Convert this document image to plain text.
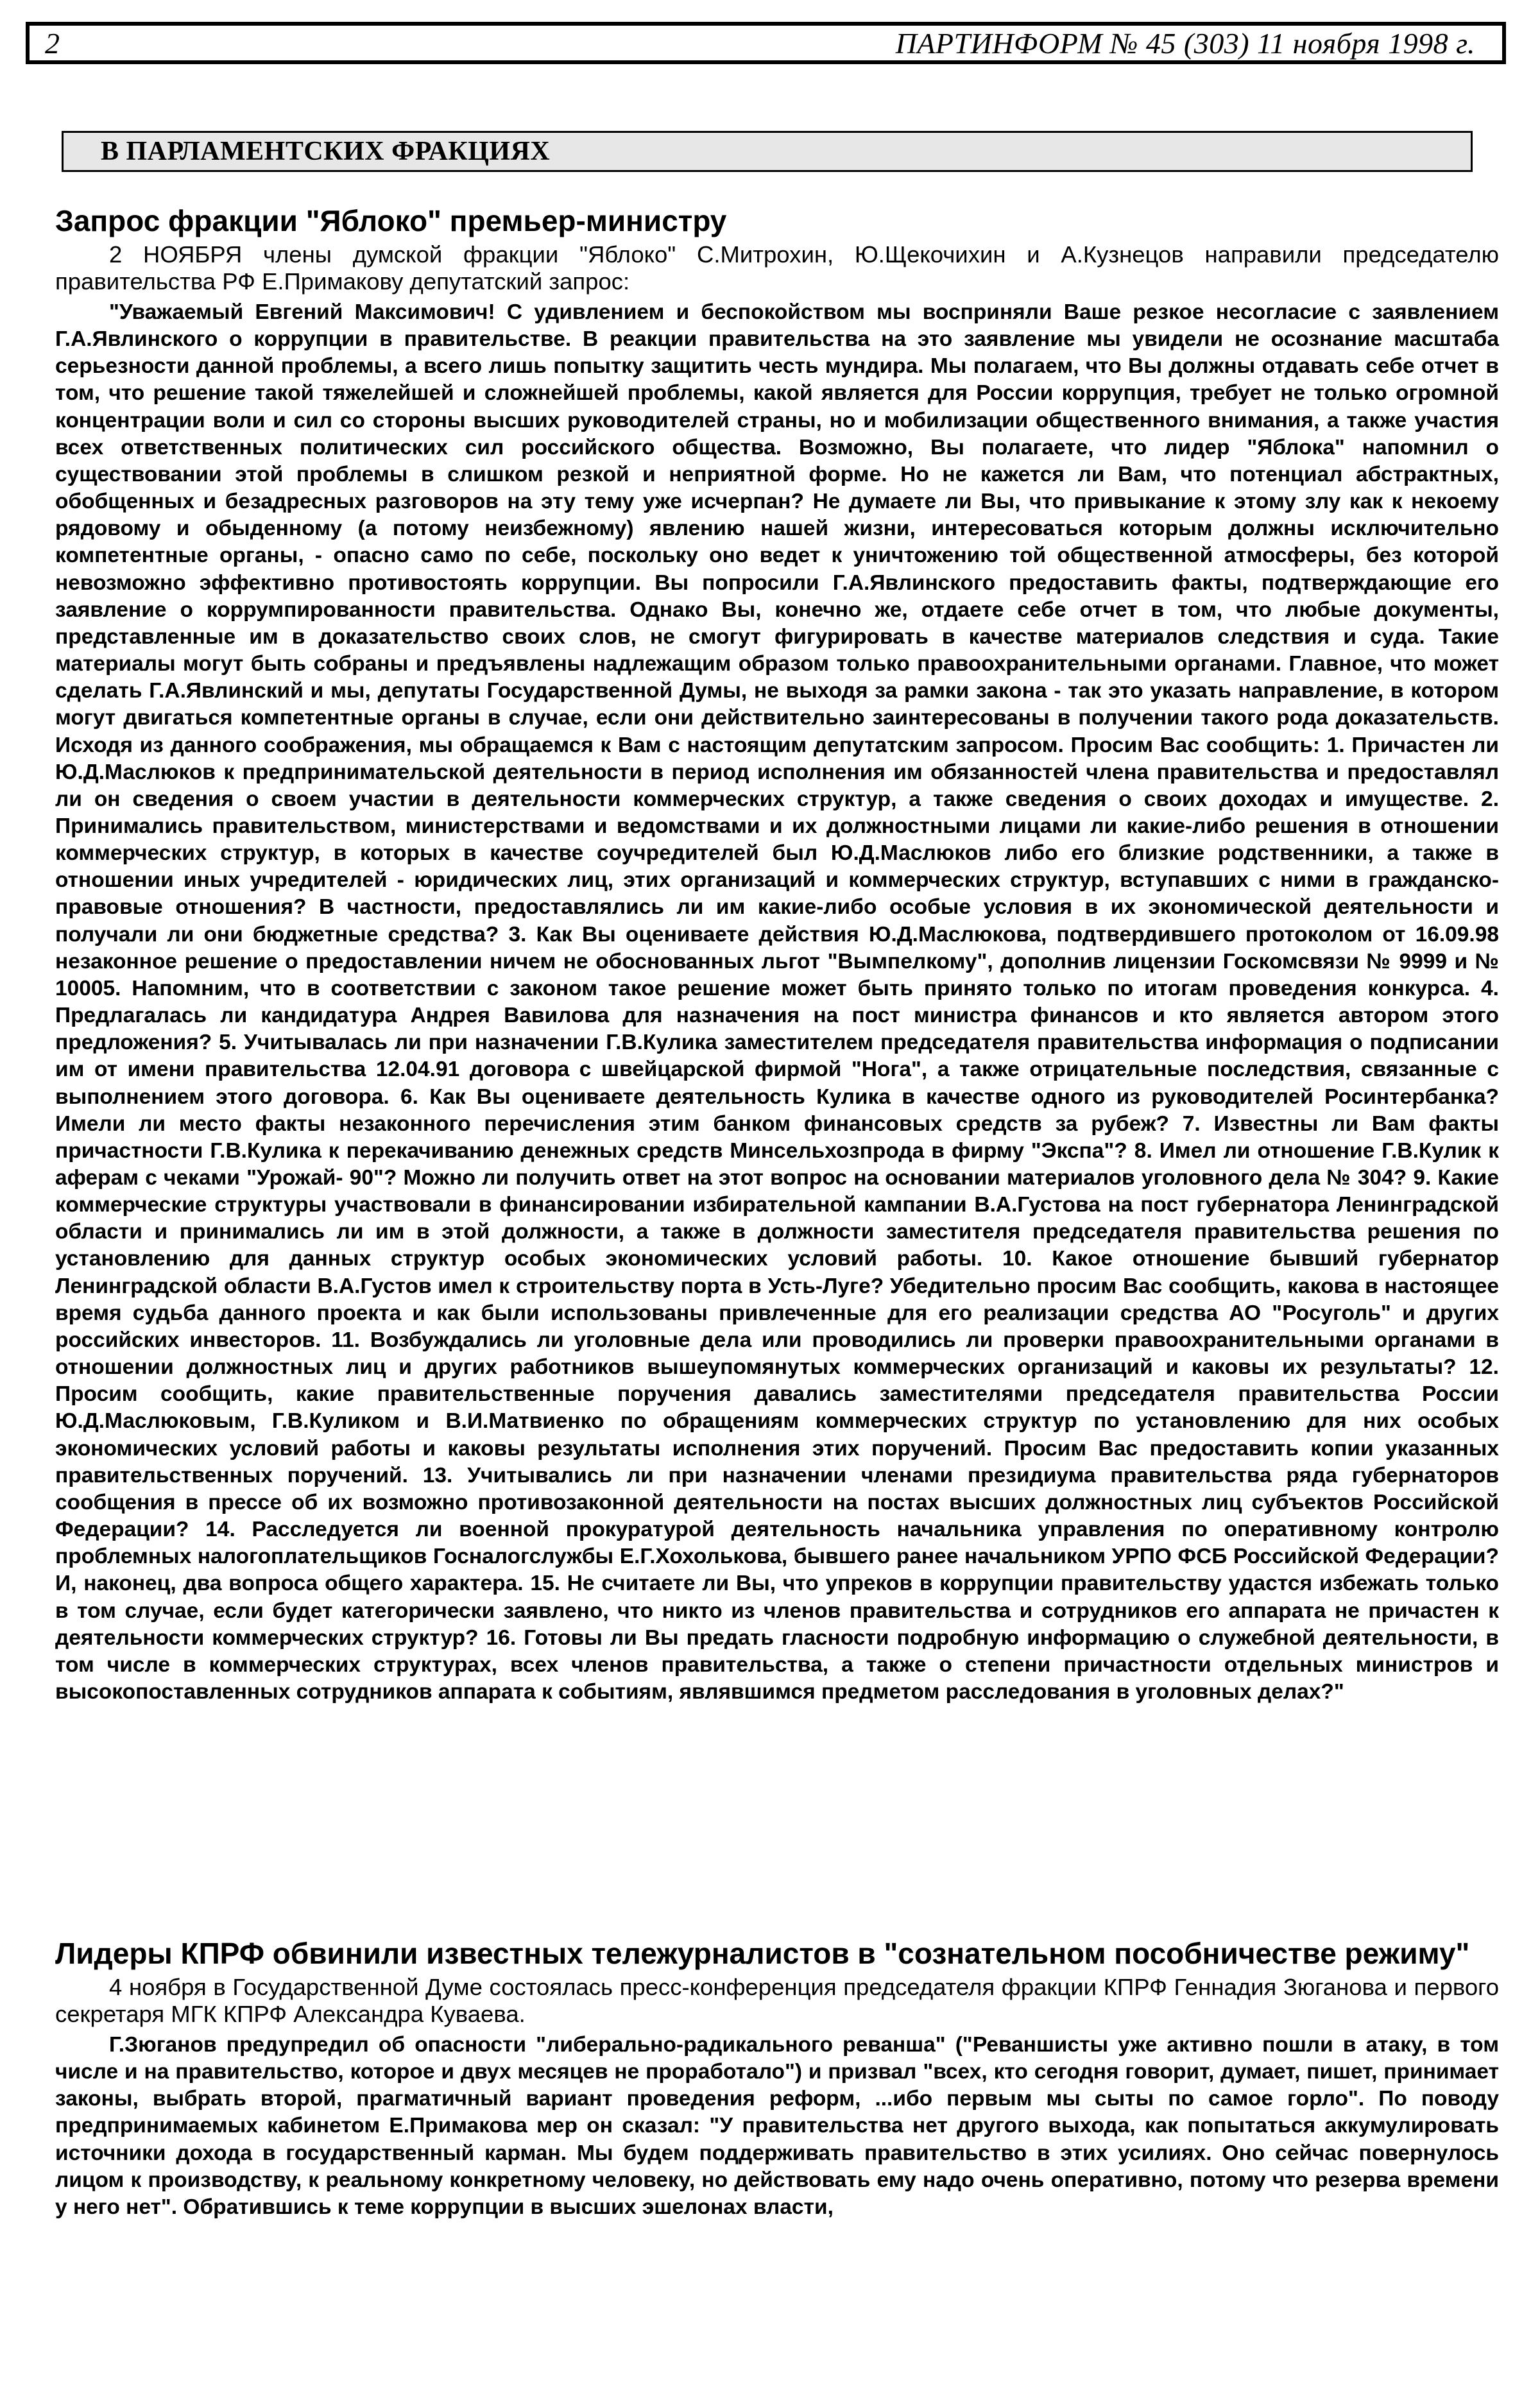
2	ПАРТИНФОРМ № 45 (303) 11 ноября 1998 г.
В ПАРЛАМЕНТСКИХ ФРАКЦИЯХ
Запрос фракции "Яблоко" премьер-министру

2 НОЯБРЯ члены думской фракции "Яблоко" С.Митрохин, Ю.Щекочихин и А.Кузнецов направили председателю правительства РФ Е.Примакову депутатский запрос:

"Уважаемый Евгений Максимович! С удивлением и беспокойством мы восприняли Ваше резкое несогласие с заявлением Г.А.Явлинского о коррупции в правительстве. В реакции правительства на это заявление мы увидели не осознание масштаба серьезности данной проблемы, а всего лишь попытку защитить честь мундира. Мы полагаем, что Вы должны отдавать себе отчет в том, что решение такой тяжелейшей и сложнейшей проблемы, какой является для России коррупция, требует не только огромной концентрации воли и сил со стороны высших руководителей страны, но и мобилизации общественного внимания, а также участия всех ответственных политических сил российского общества. Возможно, Вы полагаете, что лидер "Яблока" напомнил о существовании этой проблемы в слишком резкой и неприятной форме. Но не кажется ли Вам, что потенциал абстрактных, обобщенных и безадресных разговоров на эту тему уже исчерпан? Не думаете ли Вы, что привыкание к этому злу как к некоему рядовому и обыденному (а потому неизбежному) явлению нашей жизни, интересоваться которым должны исключительно компетентные органы, - опасно само по себе, поскольку оно ведет к уничтожению той общественной атмосферы, без которой невозможно эффективно противостоять коррупции. Вы попросили Г.А.Явлинского предоставить факты, подтверждающие его заявление о коррумпированности правительства. Однако Вы, конечно же, отдаете себе отчет в том, что любые документы, представленные им в доказательство своих слов, не смогут фигурировать в качестве материалов следствия и суда. Такие материалы могут быть собраны и предъявлены надлежащим образом только правоохранительными органами. Главное, что может сделать Г.А.Явлинский и мы, депутаты Государственной Думы, не выходя за рамки закона - так это указать направление, в котором могут двигаться компетентные органы в случае, если они действительно заинтересованы в получении такого рода доказательств. Исходя из данного соображения, мы обращаемся к Вам с настоящим депутатским запросом. Просим Вас сообщить: 1. Причастен ли Ю.Д.Маслюков к предпринимательской деятельности в период исполнения им обязанностей члена правительства и предоставлял ли он сведения о своем участии в деятельности коммерческих структур, а также сведения о своих доходах и имуществе. 2. Принимались правительством, министерствами и ведомствами и их должностными лицами ли какие-либо решения в отношении коммерческих структур, в которых в качестве соучредителей был Ю.Д.Маслюков либо его близкие родственники, а также в отношении иных учредителей - юридических лиц, этих организаций и коммерческих структур, вступавших с ними в гражданско-правовые отношения? В частности, предоставлялись ли им какие-либо особые условия в их экономической деятельности и получали ли они бюджетные средства? 3. Как Вы оцениваете действия Ю.Д.Маслюкова, подтвердившего протоколом от 16.09.98 незаконное решение о предоставлении ничем не обоснованных льгот "Вымпелкому", дополнив лицензии Госкомсвязи № 9999 и № 10005. Напомним, что в соответствии с законом такое решение может быть принято только по итогам проведения конкурса. 4. Предлагалась ли кандидатура Андрея Вавилова для назначения на пост министра финансов и кто является автором этого предложения? 5. Учитывалась ли при назначении Г.В.Кулика заместителем председателя правительства информация о подписании им от имени правительства 12.04.91 договора с швейцарской фирмой "Нога", а также отрицательные последствия, связанные с выполнением этого договора. 6. Как Вы оцениваете деятельность Кулика в качестве одного из руководителей Росинтербанка? Имели ли место факты незаконного перечисления этим банком финансовых средств за рубеж? 7. Известны ли Вам факты причастности Г.В.Кулика к перекачиванию денежных средств Минсельхозпрода в фирму "Экспа"? 8. Имел ли отношение Г.В.Кулик к аферам с чеками "Урожай- 90"? Можно ли получить ответ на этот вопрос на основании материалов уголовного дела № 304? 9. Какие коммерческие структуры участвовали в финансировании избирательной кампании В.А.Густова на пост губернатора Ленинградской области и принимались ли им в этой должности, а также в должности заместителя председателя правительства решения по установлению для данных структур особых экономических условий работы. 10. Какое отношение бывший губернатор Ленинградской области В.А.Густов имел к строительству порта в Усть-Луге? Убедительно просим Вас сообщить, какова в настоящее время судьба данного проекта и как были использованы привлеченные для его реализации средства АО "Росуголь" и других российских инвесторов. 11. Возбуждались ли уголовные дела или проводились ли проверки правоохранительными органами в отношении должностных лиц и других работников вышеупомянутых коммерческих организаций и каковы их результаты? 12. Просим сообщить, какие правительственные поручения давались заместителями председателя правительства России Ю.Д.Маслюковым, Г.В.Куликом и В.И.Матвиенко по обращениям коммерческих структур по установлению для них особых экономических условий работы и каковы результаты исполнения этих поручений. Просим Вас предоставить копии указанных правительственных поручений. 13. Учитывались ли при назначении членами президиума правительства ряда губернаторов сообщения в прессе об их возможно противозаконной деятельности на постах высших должностных лиц субъектов Российской Федерации? 14. Расследуется ли военной прокуратурой деятельность начальника управления по оперативному контролю проблемных налогоплательщиков Госналогслужбы Е.Г.Хохолькова, бывшего ранее начальником УРПО ФСБ Российской Федерации? И, наконец, два вопроса общего характера. 15. Не считаете ли Вы, что упреков в коррупции правительству удастся избежать только в том случае, если будет категорически заявлено, что никто из членов правительства и сотрудников его аппарата не причастен к деятельности коммерческих структур? 16. Готовы ли Вы предать гласности подробную информацию о служебной деятельности, в том числе в коммерческих структурах, всех членов правительства, а также о степени причастности отдельных министров и высокопоставленных сотрудников аппарата к событиям, являвшимся предметом расследования в уголовных делах?"

Лидеры КПРФ обвинили известных тележурналистов в "сознательном пособничестве режиму"

4 ноября в Государственной Думе состоялась пресс-конференция председателя фракции КПРФ Геннадия Зюганова и первого секретаря МГК КПРФ Александра Куваева.

Г.Зюганов предупредил об опасности "либерально-радикального реванша" ("Реваншисты уже активно пошли в атаку, в том числе и на правительство, которое и двух месяцев не проработало") и призвал "всех, кто сегодня говорит, думает, пишет, принимает законы, выбрать второй, прагматичный вариант проведения реформ, ...ибо первым мы сыты по самое горло". По поводу предпринимаемых кабинетом Е.Примакова мер он сказал: "У правительства нет другого выхода, как попытаться аккумулировать источники дохода в государственный карман. Мы будем поддерживать правительство в этих усилиях. Оно сейчас повернулось лицом к производству, к реальному конкретному человеку, но действовать ему надо очень оперативно, потому что резерва времени у него нет". Обратившись к теме коррупции в высших эшелонах власти,
